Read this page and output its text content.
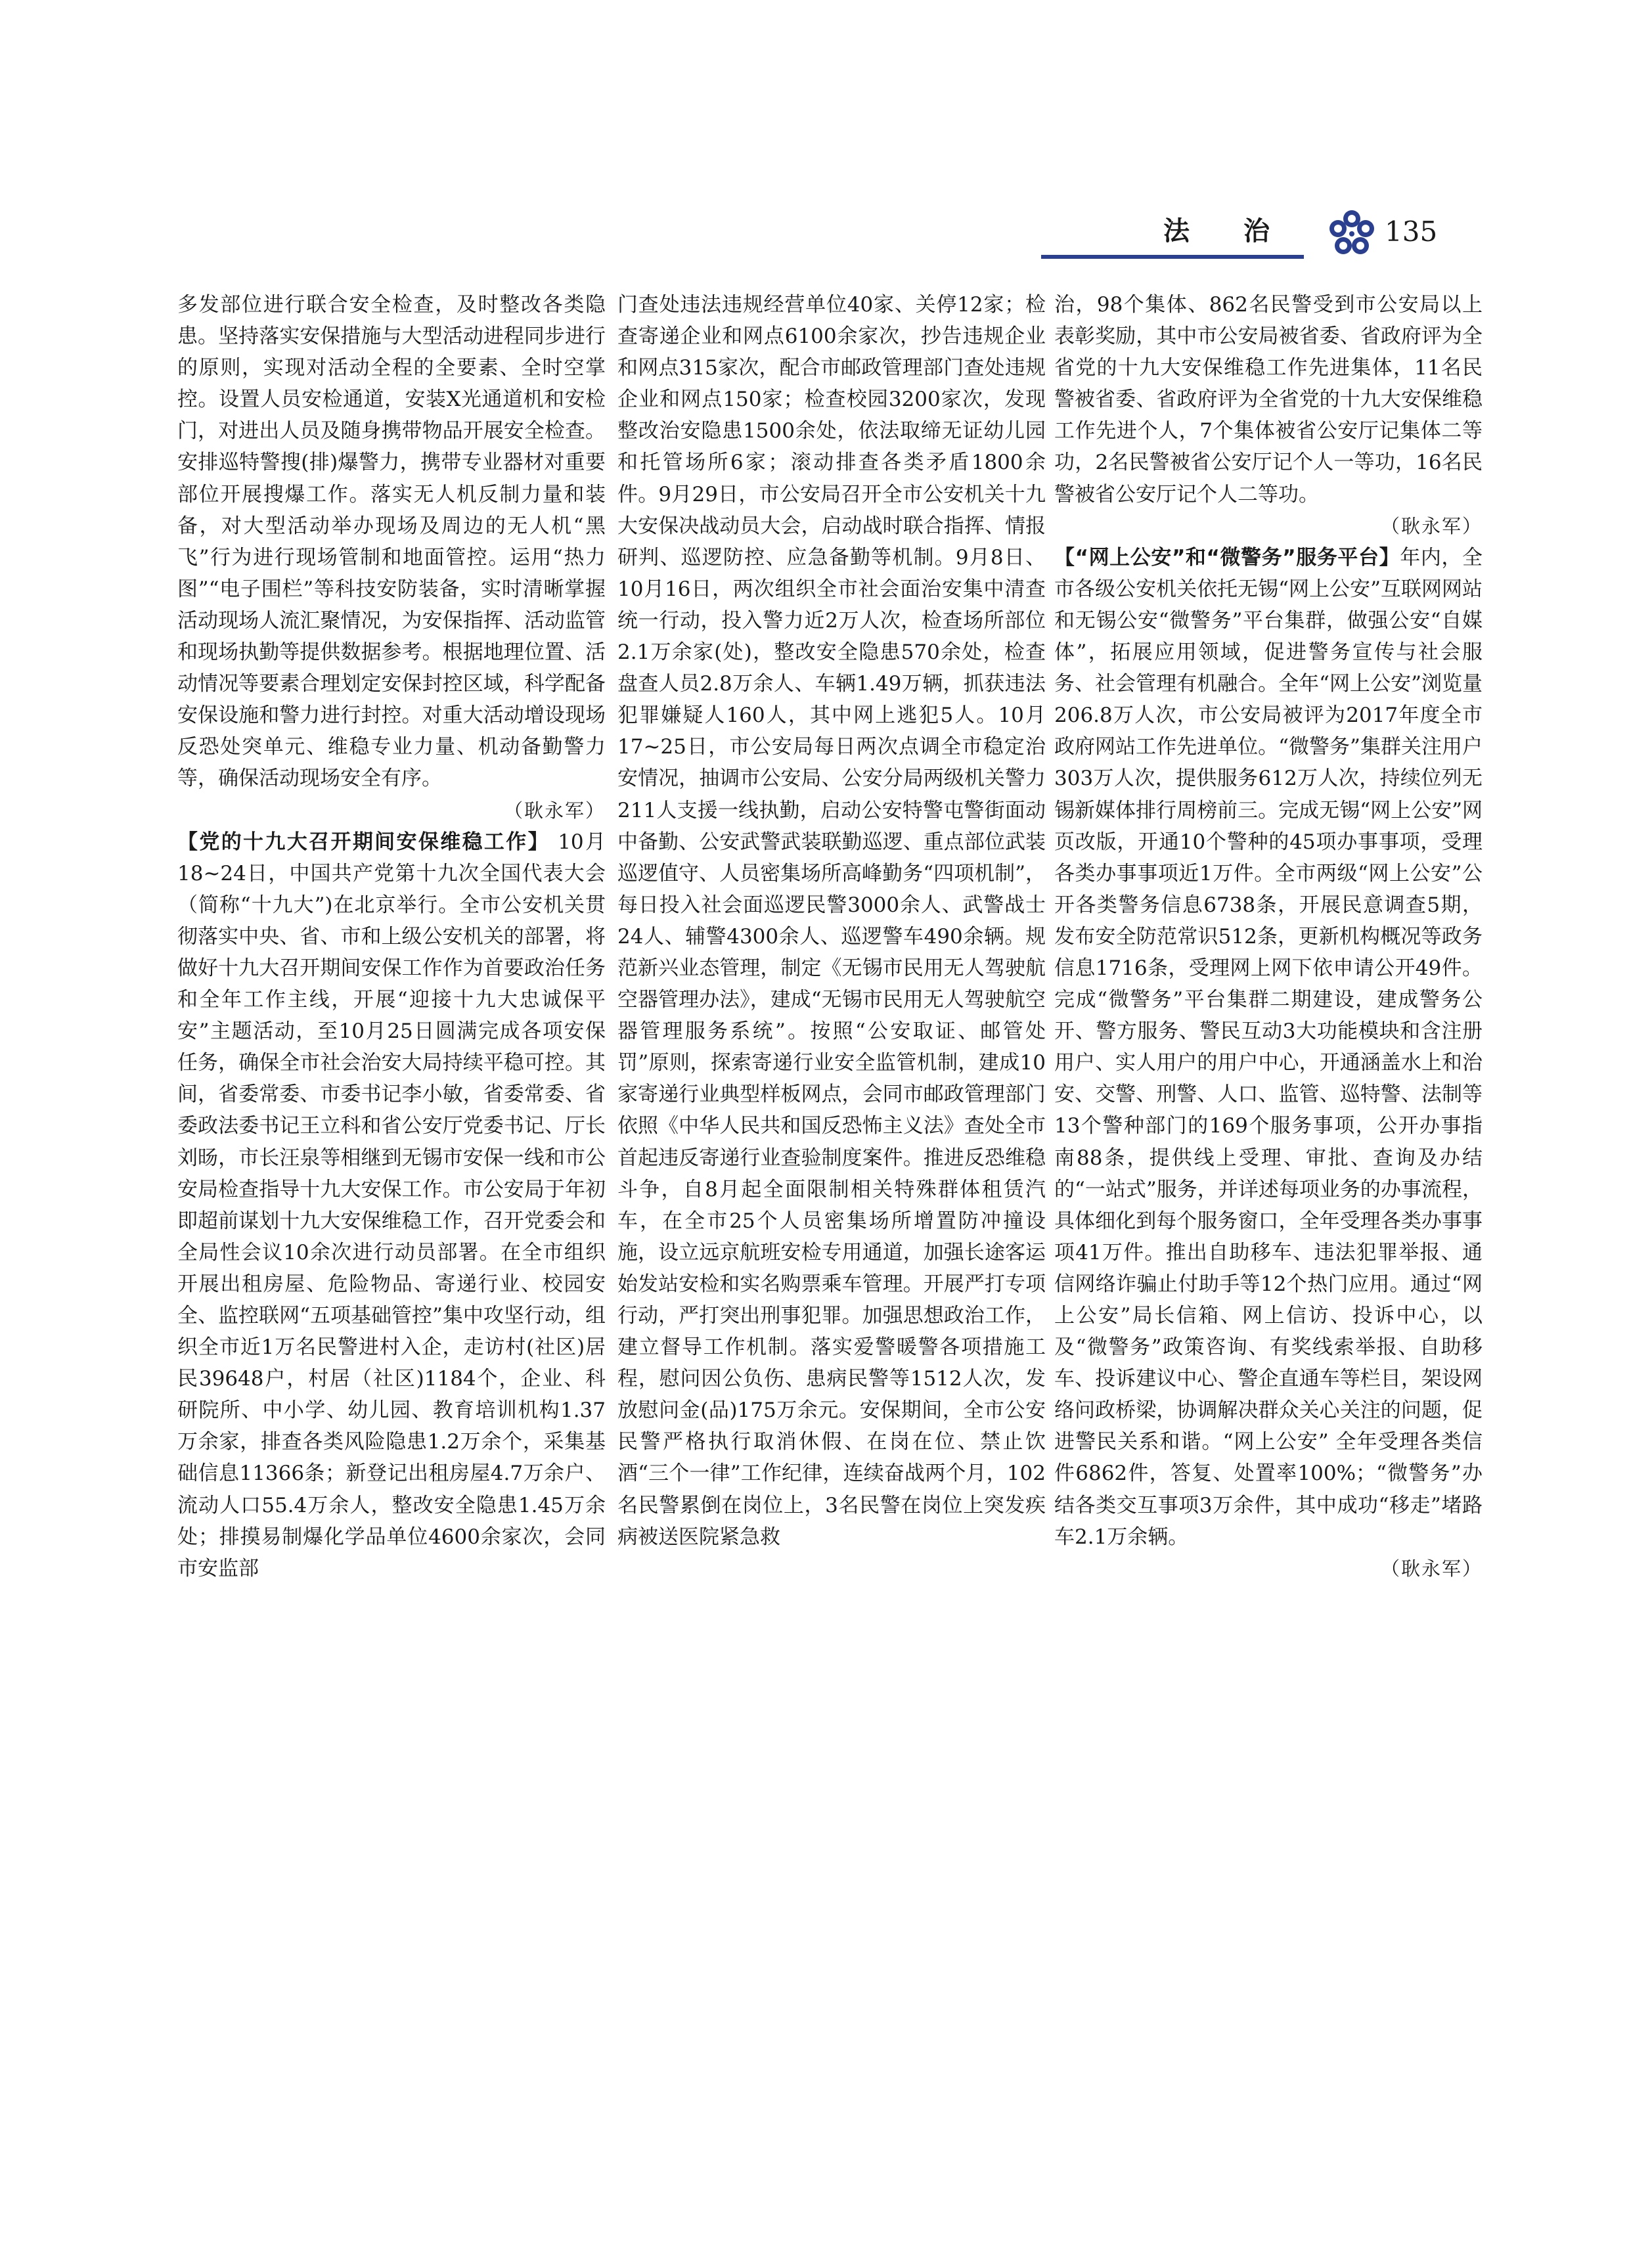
法 治	135

多发部位进行联合安全检查，及时整改各类隐患。坚持落实安保措施与大型活动进程同步进行的原则，实现对活动全程的全要素、全时空掌控。设置人员安检通道，安装X光通道机和安检门，对进出人员及随身携带物品开展安全检查。安排巡特警搜(排)爆警力，携带专业器材对重要部位开展搜爆工作。落实无人机反制力量和装备，对大型活动举办现场及周边的无人机“黑飞”行为进行现场管制和地面管控。运用“热力图”“电子围栏”等科技安防装备，实时清晰掌握活动现场人流汇聚情况，为安保指挥、活动监管和现场执勤等提供数据参考。根据地理位置、活动情况等要素合理划定安保封控区域，科学配备安保设施和警力进行封控。对重大活动增设现场反恐处突单元、维稳专业力量、机动备勤警力等，确保活动现场安全有序。

（耿永军）

【党的十九大召开期间安保维稳工作】 10月18~24日，中国共产党第十九次全国代表大会（简称“十九大”)在北京举行。全市公安机关贯彻落实中央、省、市和上级公安机关的部署，将做好十九大召开期间安保工作作为首要政治任务和全年工作主线，开展“迎接十九大忠诚保平安”主题活动，至10月25日圆满完成各项安保任务，确保全市社会治安大局持续平稳可控。其间，省委常委、市委书记李小敏，省委常委、省委政法委书记王立科和省公安厅党委书记、厅长刘旸，市长汪泉等相继到无锡市安保一线和市公安局检查指导十九大安保工作。市公安局于年初即超前谋划十九大安保维稳工作，召开党委会和全局性会议10余次进行动员部署。在全市组织开展出租房屋、危险物品、寄递行业、校园安全、监控联网“五项基础管控”集中攻坚行动，组织全市近1万名民警进村入企，走访村(社区)居民39648户，村居（社区)1184个，企业、科研院所、中小学、幼儿园、教育培训机构1.37万余家，排查各类风险隐患1.2万余个，采集基础信息11366条；新登记出租房屋4.7万余户、流动人口55.4万余人，整改安全隐患1.45万余处；排摸易制爆化学品单位4600余家次，会同市安监部

门查处违法违规经营单位40家、关停12家；检查寄递企业和网点6100余家次，抄告违规企业和网点315家次，配合市邮政管理部门查处违规企业和网点150家；检查校园3200家次，发现整改治安隐患1500余处，依法取缔无证幼儿园和托管场所6家；滚动排查各类矛盾1800余件。9月29日，市公安局召开全市公安机关十九大安保决战动员大会，启动战时联合指挥、情报研判、巡逻防控、应急备勤等机制。9月8日、10月16日，两次组织全市社会面治安集中清查统一行动，投入警力近2万人次，检查场所部位2.1万余家(处)，整改安全隐患570余处，检查盘查人员2.8万余人、车辆1.49万辆，抓获违法犯罪嫌疑人160人，其中网上逃犯5人。10月17~25日，市公安局每日两次点调全市稳定治安情况，抽调市公安局、公安分局两级机关警力211人支援一线执勤，启动公安特警屯警街面动中备勤、公安武警武装联勤巡逻、重点部位武装巡逻值守、人员密集场所高峰勤务“四项机制”，每日投入社会面巡逻民警3000余人、武警战士24人、辅警4300余人、巡逻警车490余辆。规范新兴业态管理，制定《无锡市民用无人驾驶航空器管理办法》，建成“无锡市民用无人驾驶航空器管理服务系统”。按照“公安取证、邮管处罚”原则，探索寄递行业安全监管机制，建成10家寄递行业典型样板网点，会同市邮政管理部门依照《中华人民共和国反恐怖主义法》查处全市首起违反寄递行业查验制度案件。推进反恐维稳斗争，自8月起全面限制相关特殊群体租赁汽车，在全市25个人员密集场所增置防冲撞设施，设立远京航班安检专用通道，加强长途客运始发站安检和实名购票乘车管理。开展严打专项行动，严打突出刑事犯罪。加强思想政治工作，建立督导工作机制。落实爱警暖警各项措施工程，慰问因公负伤、患病民警等1512人次，发放慰问金(品)175万余元。安保期间，全市公安民警严格执行取消休假、在岗在位、禁止饮酒“三个一律”工作纪律，连续奋战两个月，102名民警累倒在岗位上，3名民警在岗位上突发疾病被送医院紧急救

治，98个集体、862名民警受到市公安局以上表彰奖励，其中市公安局被省委、省政府评为全省党的十九大安保维稳工作先进集体，11名民警被省委、省政府评为全省党的十九大安保维稳工作先进个人，7个集体被省公安厅记集体二等功，2名民警被省公安厅记个人一等功，16名民警被省公安厅记个人二等功。

（耿永军）

【“网上公安”和“微警务”服务平台】年内，全市各级公安机关依托无锡“网上公安”互联网网站和无锡公安“微警务”平台集群，做强公安“自媒体”，拓展应用领域，促进警务宣传与社会服务、社会管理有机融合。全年“网上公安”浏览量206.8万人次，市公安局被评为2017年度全市政府网站工作先进单位。“微警务”集群关注用户303万人次，提供服务612万人次，持续位列无锡新媒体排行周榜前三。完成无锡“网上公安”网页改版，开通10个警种的45项办事事项，受理各类办事事项近1万件。全市两级“网上公安”公开各类警务信息6738条，开展民意调查5期，发布安全防范常识512条，更新机构概况等政务信息1716条，受理网上网下依申请公开49件。完成“微警务”平台集群二期建设，建成警务公开、警方服务、警民互动3大功能模块和含注册用户、实人用户的用户中心，开通涵盖水上和治安、交警、刑警、人口、监管、巡特警、法制等13个警种部门的169个服务事项，公开办事指南88条，提供线上受理、审批、查询及办结的“一站式”服务，并详述每项业务的办事流程，具体细化到每个服务窗口，全年受理各类办事事项41万件。推出自助移车、违法犯罪举报、通信网络诈骗止付助手等12个热门应用。通过“网上公安”局长信箱、网上信访、投诉中心，以及“微警务”政策咨询、有奖线索举报、自助移车、投诉建议中心、警企直通车等栏目，架设网络问政桥梁，协调解决群众关心关注的问题，促进警民关系和谐。“网上公安” 全年受理各类信件6862件，答复、处置率100%；“微警务”办结各类交互事项3万余件，其中成功“移走”堵路车2.1万余辆。

（耿永军）
